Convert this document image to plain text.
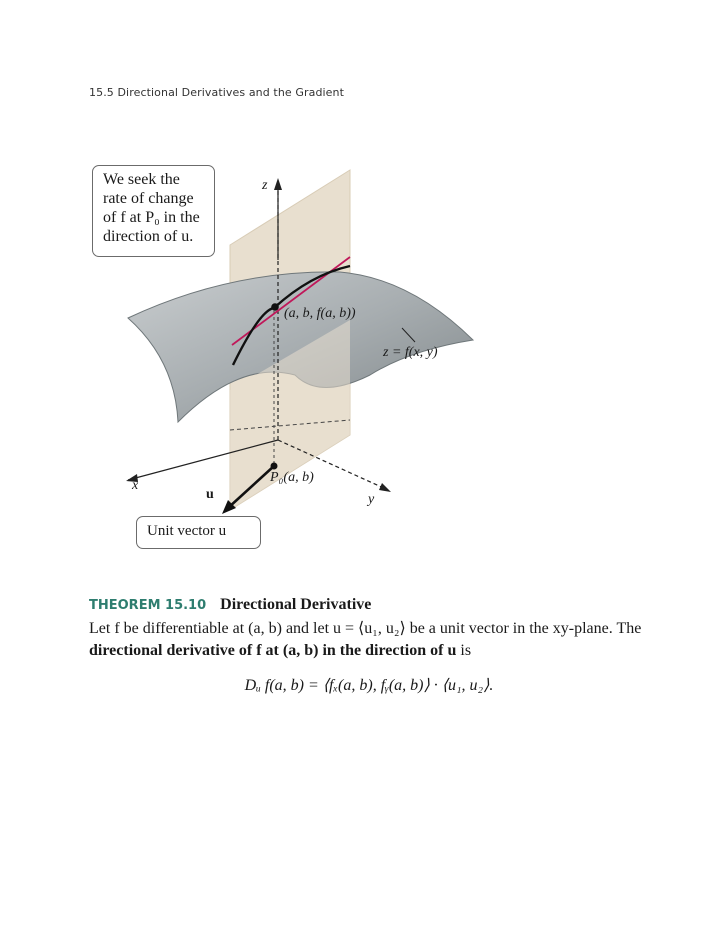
15.5 Directional Derivatives and the Gradient
We seek the
rate of change
of f at P₀ in the
direction of u.
(a, b, f(a, b))
z = f(x, y)
P₀(a, b)
x
y
z
u
Unit vector u
THEOREM 15.10 Directional Derivative
Let f be differentiable at (a, b) and let u = ⟨u₁, u₂⟩ be a unit vector in the xy-plane. The directional derivative of f at (a, b) in the direction of u is
Dᵤ f(a, b) = ⟨fₓ(a, b), fᵧ(a, b)⟩ · ⟨u₁, u₂⟩.
